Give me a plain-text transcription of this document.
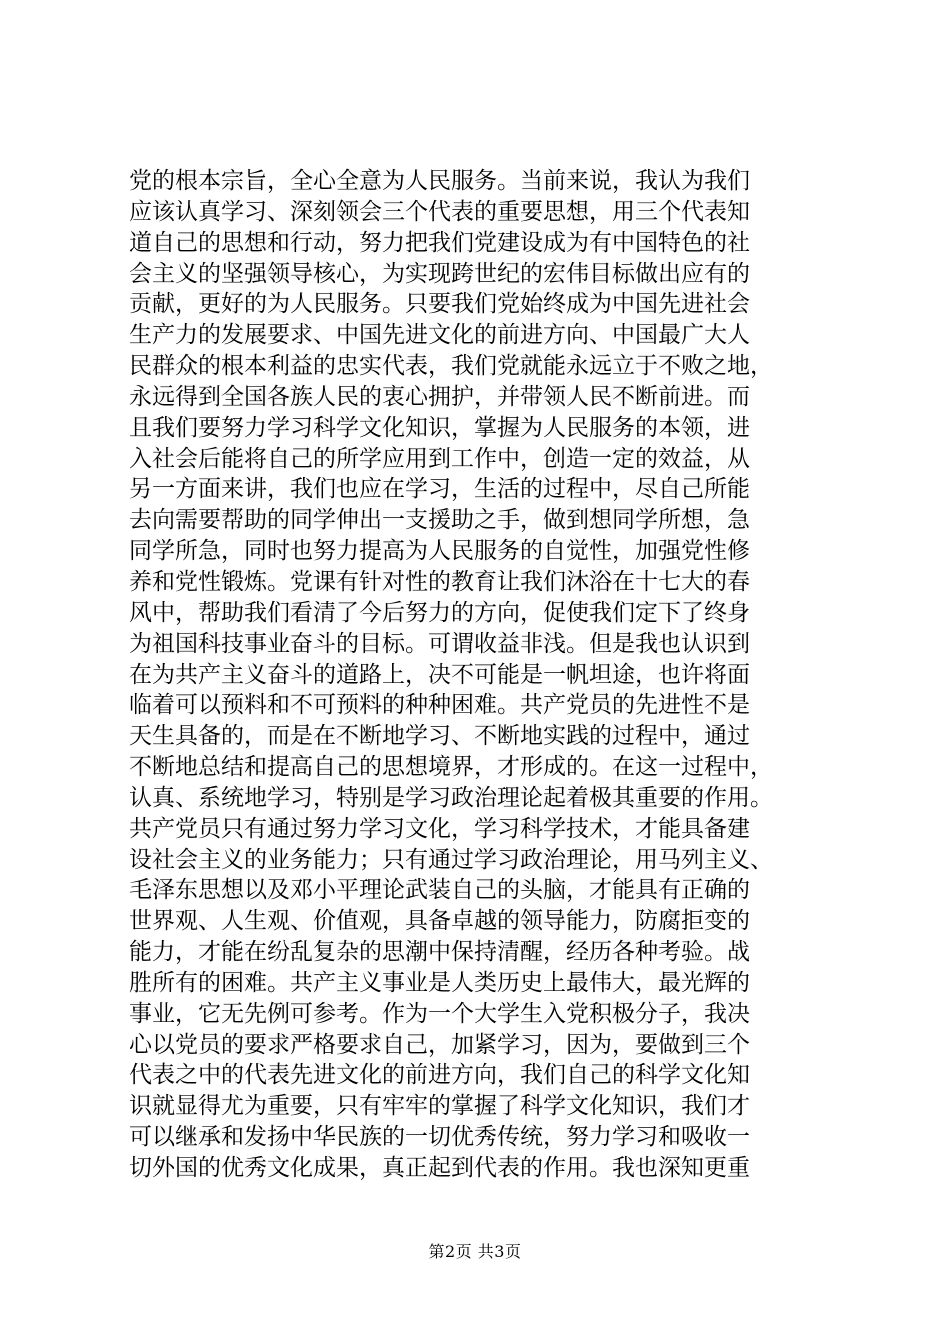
党的根本宗旨，全心全意为人民服务。当前来说，我认为我们
应该认真学习、深刻领会三个代表的重要思想，用三个代表知
道自己的思想和行动，努力把我们党建设成为有中国特色的社
会主义的坚强领导核心，为实现跨世纪的宏伟目标做出应有的
贡献，更好的为人民服务。只要我们党始终成为中国先进社会
生产力的发展要求、中国先进文化的前进方向、中国最广大人
民群众的根本利益的忠实代表，我们党就能永远立于不败之地，
永远得到全国各族人民的衷心拥护，并带领人民不断前进。而
且我们要努力学习科学文化知识，掌握为人民服务的本领，进
入社会后能将自己的所学应用到工作中，创造一定的效益，从
另一方面来讲，我们也应在学习，生活的过程中，尽自己所能
去向需要帮助的同学伸出一支援助之手，做到想同学所想，急
同学所急，同时也努力提高为人民服务的自觉性，加强党性修
养和党性锻炼。党课有针对性的教育让我们沐浴在十七大的春
风中，帮助我们看清了今后努力的方向，促使我们定下了终身
为祖国科技事业奋斗的目标。可谓收益非浅。但是我也认识到
在为共产主义奋斗的道路上，决不可能是一帆坦途，也许将面
临着可以预料和不可预料的种种困难。共产党员的先进性不是
天生具备的，而是在不断地学习、不断地实践的过程中，通过
不断地总结和提高自己的思想境界，才形成的。在这一过程中，
认真、系统地学习，特别是学习政治理论起着极其重要的作用。
共产党员只有通过努力学习文化，学习科学技术，才能具备建
设社会主义的业务能力；只有通过学习政治理论，用马列主义、
毛泽东思想以及邓小平理论武装自己的头脑，才能具有正确的
世界观、人生观、价值观，具备卓越的领导能力，防腐拒变的
能力，才能在纷乱复杂的思潮中保持清醒，经历各种考验。战
胜所有的困难。共产主义事业是人类历史上最伟大，最光辉的
事业，它无先例可参考。作为一个大学生入党积极分子，我决
心以党员的要求严格要求自己，加紧学习，因为，要做到三个
代表之中的代表先进文化的前进方向，我们自己的科学文化知
识就显得尤为重要，只有牢牢的掌握了科学文化知识，我们才
可以继承和发扬中华民族的一切优秀传统，努力学习和吸收一
切外国的优秀文化成果，真正起到代表的作用。我也深知更重
第2页 共3页
